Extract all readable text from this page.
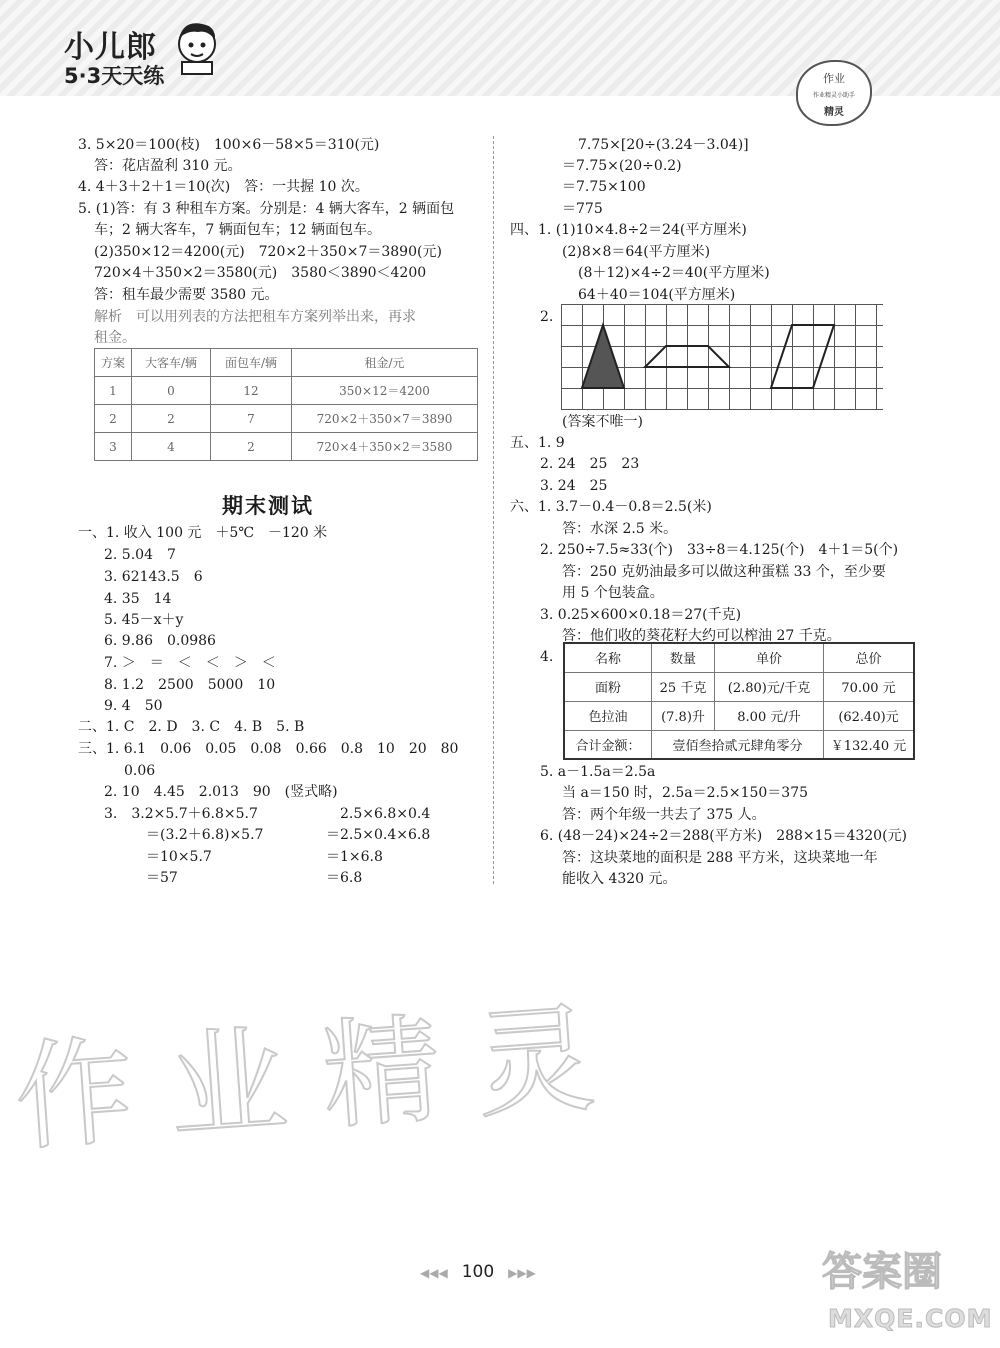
小儿郎
5·3天天练	作业
作业精灵小助手
精灵
3. 5×20＝100(枝)　100×6－58×5＝310(元)
答：花店盈利 310 元。
4. 4＋3＋2＋1＝10(次)　答：一共握 10 次。
5. (1)答：有 3 种租车方案。分别是：4 辆大客车，2 辆面包
车；2 辆大客车，7 辆面包车；12 辆面包车。
(2)350×12＝4200(元)　720×2＋350×7＝3890(元)
720×4＋350×2＝3580(元)　3580＜3890＜4200
答：租车最少需要 3580 元。
解析　可以用列表的方法把租车方案列举出来，再求
租金。
方案	大客车/辆	面包车/辆	租金/元
1	0	12	350×12＝4200
2	2	7	720×2＋350×7＝3890
3	4	2	720×4＋350×2＝3580
期末测试
一、1. 收入 100 元　＋5℃　－120 米
2. 5.04　7
3. 62143.5　6
4. 35　14
5. 45－x＋y
6. 9.86　0.0986
7. ＞　＝　＜　＜　＞　＜
8. 1.2　2500　5000　10
9. 4　50
二、1. C　2. D　3. C　4. B　5. B
三、1. 6.1　0.06　0.05　0.08　0.66　0.8　10　20　80
0.06
2. 10　4.45　2.013　90　(竖式略)
3.　3.2×5.7＋6.8×5.7
＝(3.2＋6.8)×5.7
＝10×5.7
＝57
2.5×6.8×0.4
＝2.5×0.4×6.8
＝1×6.8
＝6.8
7.75×[20÷(3.24－3.04)]
＝7.75×(20÷0.2)
＝7.75×100
＝775
四、1. (1)10×4.8÷2＝24(平方厘米)
(2)8×8＝64(平方厘米)
(8＋12)×4÷2＝40(平方厘米)
64＋40＝104(平方厘米)
2.
(答案不唯一)
五、1. 9
2. 24　25　23
3. 24　25
六、1. 3.7－0.4－0.8＝2.5(米)
答：水深 2.5 米。
2. 250÷7.5≈33(个)　33÷8＝4.125(个)　4＋1＝5(个)
答：250 克奶油最多可以做这种蛋糕 33 个，至少要
用 5 个包装盒。
3. 0.25×600×0.18＝27(千克)
答：他们收的葵花籽大约可以榨油 27 千克。
4.	名称	数量	单价	总价
面粉	25 千克	(2.80)元/千克	70.00 元
色拉油	(7.8)升	8.00 元/升	(62.40)元
合计金额：	壹佰叁拾贰元肆角零分		￥132.40 元
5. a－1.5a＝2.5a
当 a＝150 时，2.5a＝2.5×150＝375
答：两个年级一共去了 375 人。
6. (48－24)×24÷2＝288(平方米)　288×15＝4320(元)
答：这块菜地的面积是 288 平方米，这块菜地一年
能收入 4320 元。
作业精灵
◀◀◀ 100 ▶▶▶	答案圈
MXQE.COM
